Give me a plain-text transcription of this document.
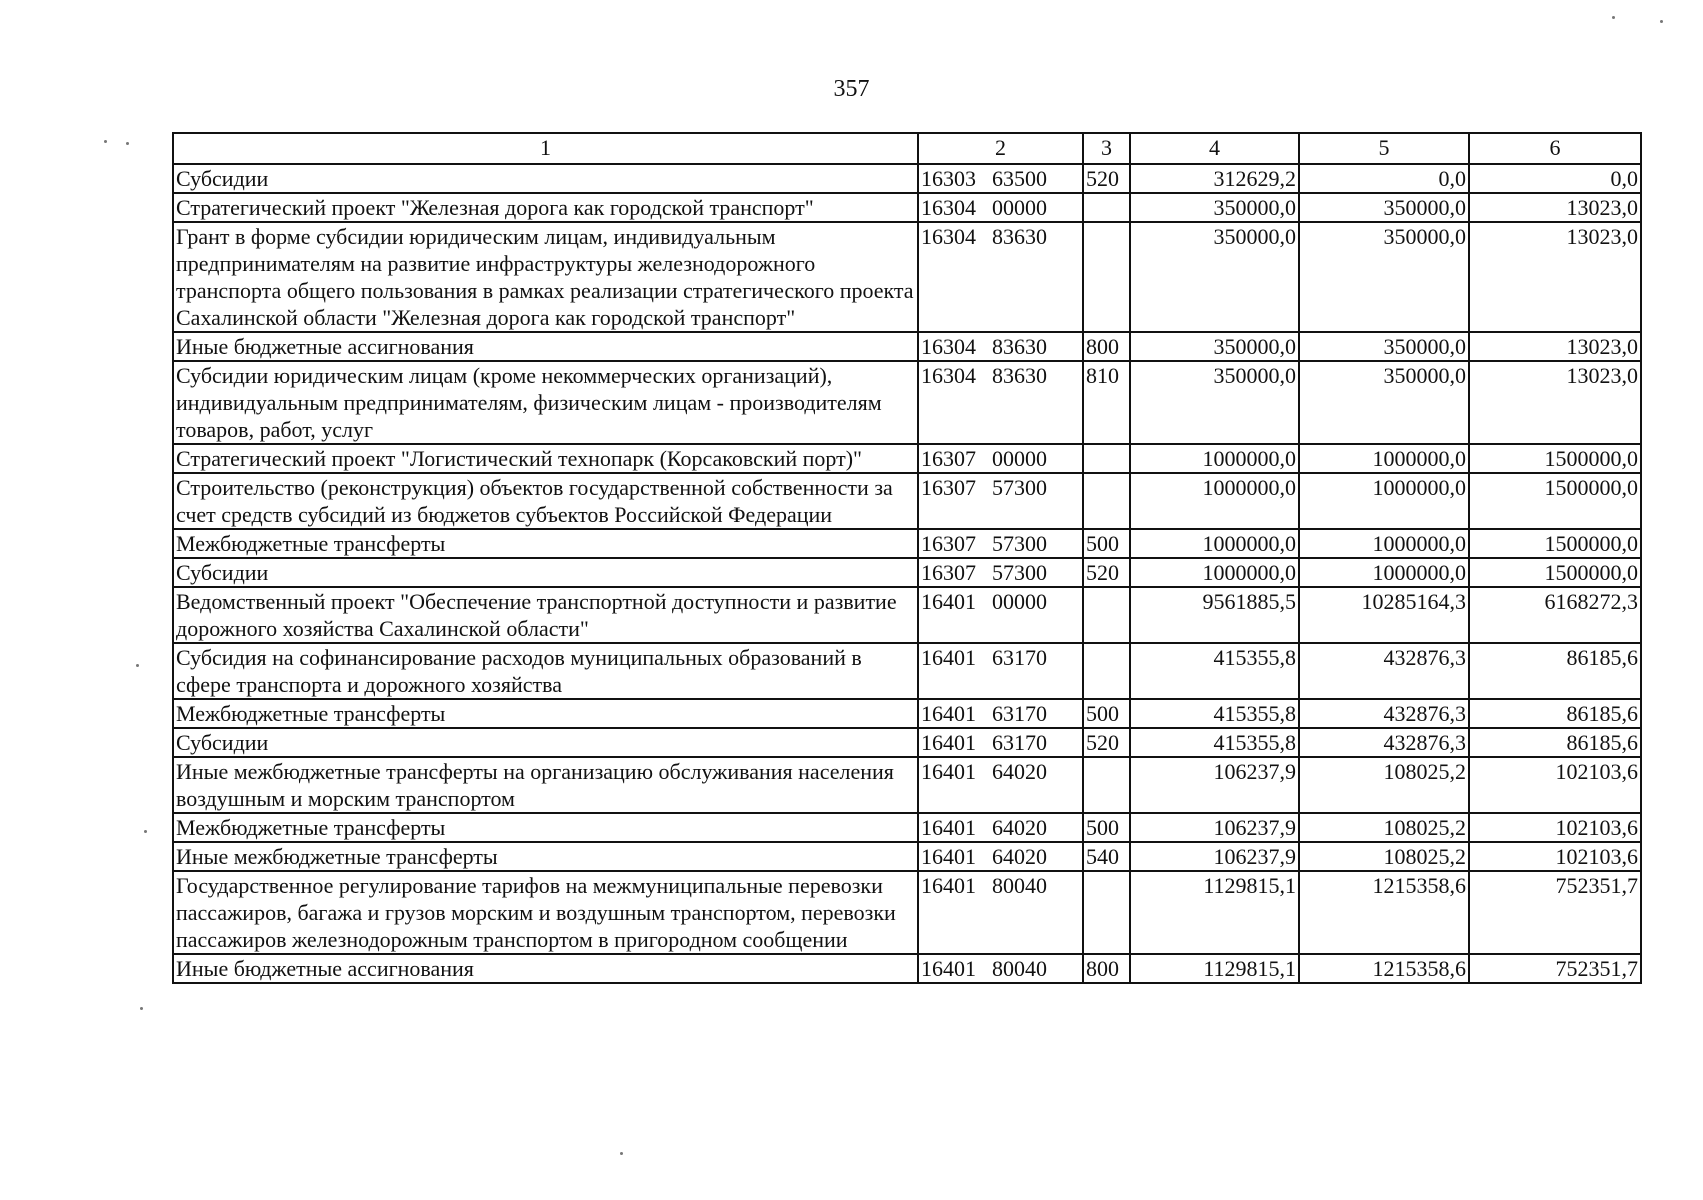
357
1	2	3	4	5	6
Субсидии	16303 63500	520	312629,2	0,0	0,0
Стратегический проект "Железная дорога как городской транспорт"	16304 00000		350000,0	350000,0	13023,0
Грант в форме субсидии юридическим лицам, индивидуальным предпринимателям на развитие инфраструктуры железнодорожного транспорта общего пользования в рамках реализации стратегического проекта Сахалинской области "Железная дорога как городской транспорт"	16304 83630		350000,0	350000,0	13023,0
Иные бюджетные ассигнования	16304 83630	800	350000,0	350000,0	13023,0
Субсидии юридическим лицам (кроме некоммерческих организаций), индивидуальным предпринимателям, физическим лицам - производителям товаров, работ, услуг	16304 83630	810	350000,0	350000,0	13023,0
Стратегический проект "Логистический технопарк (Корсаковский порт)"	16307 00000		1000000,0	1000000,0	1500000,0
Строительство (реконструкция) объектов государственной собственности за счет средств субсидий из бюджетов субъектов Российской Федерации	16307 57300		1000000,0	1000000,0	1500000,0
Межбюджетные трансферты	16307 57300	500	1000000,0	1000000,0	1500000,0
Субсидии	16307 57300	520	1000000,0	1000000,0	1500000,0
Ведомственный проект "Обеспечение транспортной доступности и развитие дорожного хозяйства Сахалинской области"	16401 00000		9561885,5	10285164,3	6168272,3
Субсидия на софинансирование расходов муниципальных образований в сфере транспорта и дорожного хозяйства	16401 63170		415355,8	432876,3	86185,6
Межбюджетные трансферты	16401 63170	500	415355,8	432876,3	86185,6
Субсидии	16401 63170	520	415355,8	432876,3	86185,6
Иные межбюджетные трансферты на организацию обслуживания населения воздушным и морским транспортом	16401 64020		106237,9	108025,2	102103,6
Межбюджетные трансферты	16401 64020	500	106237,9	108025,2	102103,6
Иные межбюджетные трансферты	16401 64020	540	106237,9	108025,2	102103,6
Государственное регулирование тарифов на межмуниципальные перевозки пассажиров, багажа и грузов морским и воздушным транспортом, перевозки пассажиров железнодорожным транспортом в пригородном сообщении	16401 80040		1129815,1	1215358,6	752351,7
Иные бюджетные ассигнования	16401 80040	800	1129815,1	1215358,6	752351,7
